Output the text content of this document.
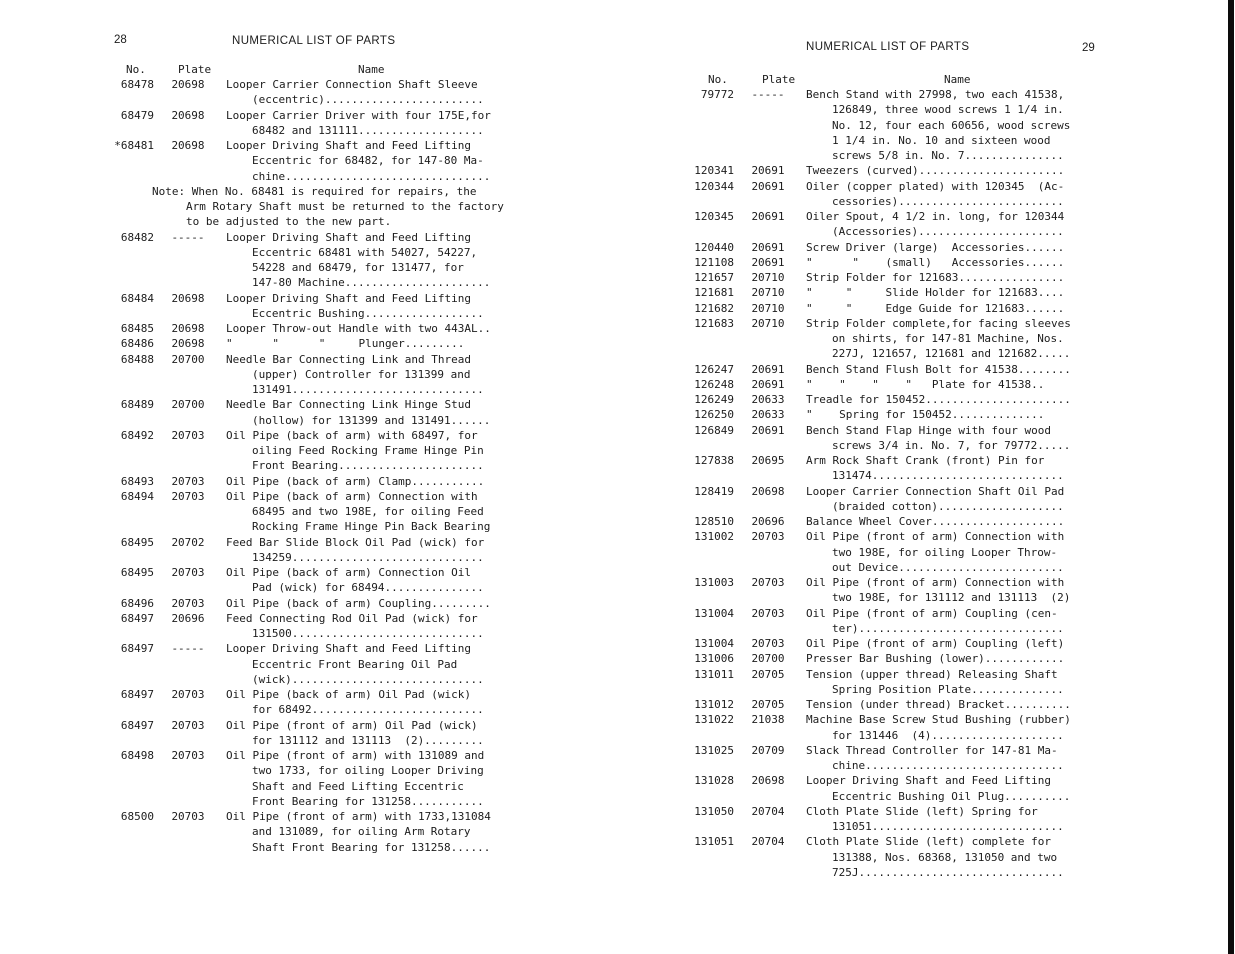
28	NUMERICAL LIST OF PARTS
No.	Plate	Name
68478	20698	Looper Carrier Connection Shaft Sleeve
(eccentric)........................
68479	20698	Looper Carrier Driver with four 175E,for
68482 and 131111...................
*68481	20698	Looper Driving Shaft and Feed Lifting
Eccentric for 68482, for 147-80 Ma-
chine...............................
Note: When No. 68481 is required for repairs, the
Arm Rotary Shaft must be returned to the factory
to be adjusted to the new part.
68482	-----	Looper Driving Shaft and Feed Lifting
Eccentric 68481 with 54027, 54227,
54228 and 68479, for 131477, for
147-80 Machine......................
68484	20698	Looper Driving Shaft and Feed Lifting
Eccentric Bushing..................
68485	20698	Looper Throw-out Handle with two 443AL..
68486	20698	"      "      "     Plunger.........
68488	20700	Needle Bar Connecting Link and Thread
(upper) Controller for 131399 and
131491.............................
68489	20700	Needle Bar Connecting Link Hinge Stud
(hollow) for 131399 and 131491......
68492	20703	Oil Pipe (back of arm) with 68497, for
oiling Feed Rocking Frame Hinge Pin
Front Bearing......................
68493	20703	Oil Pipe (back of arm) Clamp...........
68494	20703	Oil Pipe (back of arm) Connection with
68495 and two 198E, for oiling Feed
Rocking Frame Hinge Pin Back Bearing
68495	20702	Feed Bar Slide Block Oil Pad (wick) for
134259.............................
68495	20703	Oil Pipe (back of arm) Connection Oil
Pad (wick) for 68494...............
68496	20703	Oil Pipe (back of arm) Coupling.........
68497	20696	Feed Connecting Rod Oil Pad (wick) for
131500.............................
68497	-----	Looper Driving Shaft and Feed Lifting
Eccentric Front Bearing Oil Pad
(wick).............................
68497	20703	Oil Pipe (back of arm) Oil Pad (wick)
for 68492..........................
68497	20703	Oil Pipe (front of arm) Oil Pad (wick)
for 131112 and 131113  (2).........
68498	20703	Oil Pipe (front of arm) with 131089 and
two 1733, for oiling Looper Driving
Shaft and Feed Lifting Eccentric
Front Bearing for 131258...........
68500	20703	Oil Pipe (front of arm) with 1733,131084
and 131089, for oiling Arm Rotary
Shaft Front Bearing for 131258......
NUMERICAL LIST OF PARTS	29
No.	Plate	Name
79772	-----	Bench Stand with 27998, two each 41538,
126849, three wood screws 1 1/4 in.
No. 12, four each 60656, wood screws
1 1/4 in. No. 10 and sixteen wood
screws 5/8 in. No. 7...............
120341	20691	Tweezers (curved)......................
120344	20691	Oiler (copper plated) with 120345  (Ac-
cessories).........................
120345	20691	Oiler Spout, 4 1/2 in. long, for 120344
(Accessories)......................
120440	20691	Screw Driver (large)  Accessories......
121108	20691	"      "    (small)   Accessories......
121657	20710	Strip Folder for 121683................
121681	20710	"     "     Slide Holder for 121683....
121682	20710	"     "     Edge Guide for 121683......
121683	20710	Strip Folder complete,for facing sleeves
on shirts, for 147-81 Machine, Nos.
227J, 121657, 121681 and 121682.....
126247	20691	Bench Stand Flush Bolt for 41538........
126248	20691	"    "    "    "   Plate for 41538..
126249	20633	Treadle for 150452......................
126250	20633	"    Spring for 150452..............
126849	20691	Bench Stand Flap Hinge with four wood
screws 3/4 in. No. 7, for 79772.....
127838	20695	Arm Rock Shaft Crank (front) Pin for
131474.............................
128419	20698	Looper Carrier Connection Shaft Oil Pad
(braided cotton)...................
128510	20696	Balance Wheel Cover....................
131002	20703	Oil Pipe (front of arm) Connection with
two 198E, for oiling Looper Throw-
out Device.........................
131003	20703	Oil Pipe (front of arm) Connection with
two 198E, for 131112 and 131113  (2)
131004	20703	Oil Pipe (front of arm) Coupling (cen-
ter)...............................
131004	20703	Oil Pipe (front of arm) Coupling (left)
131006	20700	Presser Bar Bushing (lower)............
131011	20705	Tension (upper thread) Releasing Shaft
Spring Position Plate..............
131012	20705	Tension (under thread) Bracket..........
131022	21038	Machine Base Screw Stud Bushing (rubber)
for 131446  (4)....................
131025	20709	Slack Thread Controller for 147-81 Ma-
chine..............................
131028	20698	Looper Driving Shaft and Feed Lifting
Eccentric Bushing Oil Plug..........
131050	20704	Cloth Plate Slide (left) Spring for
131051.............................
131051	20704	Cloth Plate Slide (left) complete for
131388, Nos. 68368, 131050 and two
725J...............................
